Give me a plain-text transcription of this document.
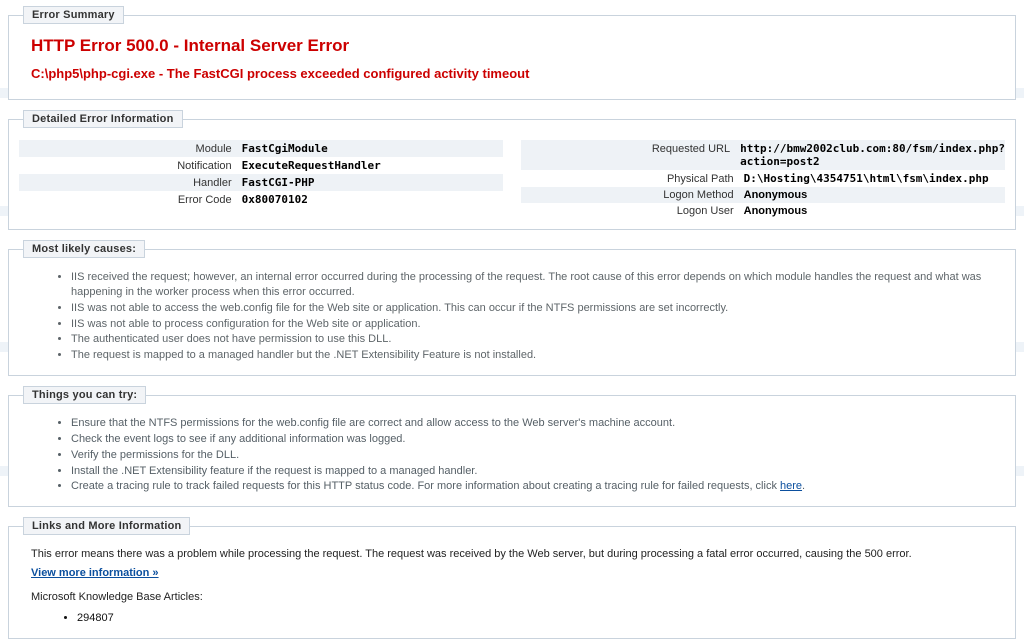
Error Summary
HTTP Error 500.0 - Internal Server Error
C:\php5\php-cgi.exe - The FastCGI process exceeded configured activity timeout
Detailed Error Information
Module FastCgiModule
Notification ExecuteRequestHandler
Handler FastCGI-PHP
Error Code 0x80070102
Requested URL http://bmw2002club.com:80/fsm/index.php?action=post2
Physical Path D:\Hosting\4354751\html\fsm\index.php
Logon Method Anonymous
Logon User Anonymous
Most likely causes:
• IIS received the request; however, an internal error occurred during the processing of the request. The root cause of this error depends on which module handles the request and what was happening in the worker process when this error occurred.
• IIS was not able to access the web.config file for the Web site or application. This can occur if the NTFS permissions are set incorrectly.
• IIS was not able to process configuration for the Web site or application.
• The authenticated user does not have permission to use this DLL.
• The request is mapped to a managed handler but the .NET Extensibility Feature is not installed.
Things you can try:
• Ensure that the NTFS permissions for the web.config file are correct and allow access to the Web server's machine account.
• Check the event logs to see if any additional information was logged.
• Verify the permissions for the DLL.
• Install the .NET Extensibility feature if the request is mapped to a managed handler.
• Create a tracing rule to track failed requests for this HTTP status code. For more information about creating a tracing rule for failed requests, click here.
Links and More Information
This error means there was a problem while processing the request. The request was received by the Web server, but during processing a fatal error occurred, causing the 500 error.
View more information »
Microsoft Knowledge Base Articles:
• 294807
